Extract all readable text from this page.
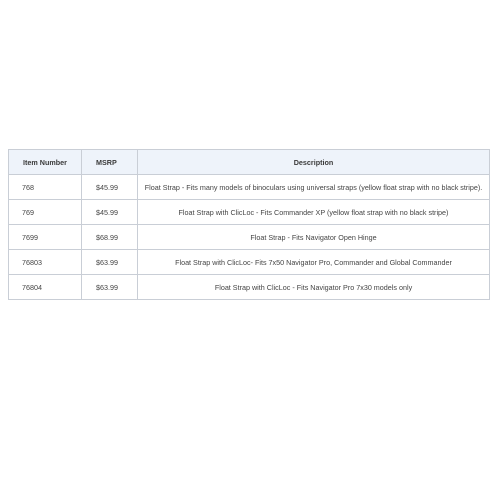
Item Number	MSRP	Description
768	$45.99	Float Strap - Fits many models of binoculars using universal straps (yellow float strap with no black stripe).
769	$45.99	Float Strap with ClicLoc - Fits Commander XP (yellow float strap with no black stripe)
7699	$68.99	Float Strap - Fits Navigator Open Hinge
76803	$63.99	Float Strap with ClicLoc- Fits 7x50 Navigator Pro, Commander and Global Commander
76804	$63.99	Float Strap with ClicLoc - Fits Navigator Pro 7x30 models only
